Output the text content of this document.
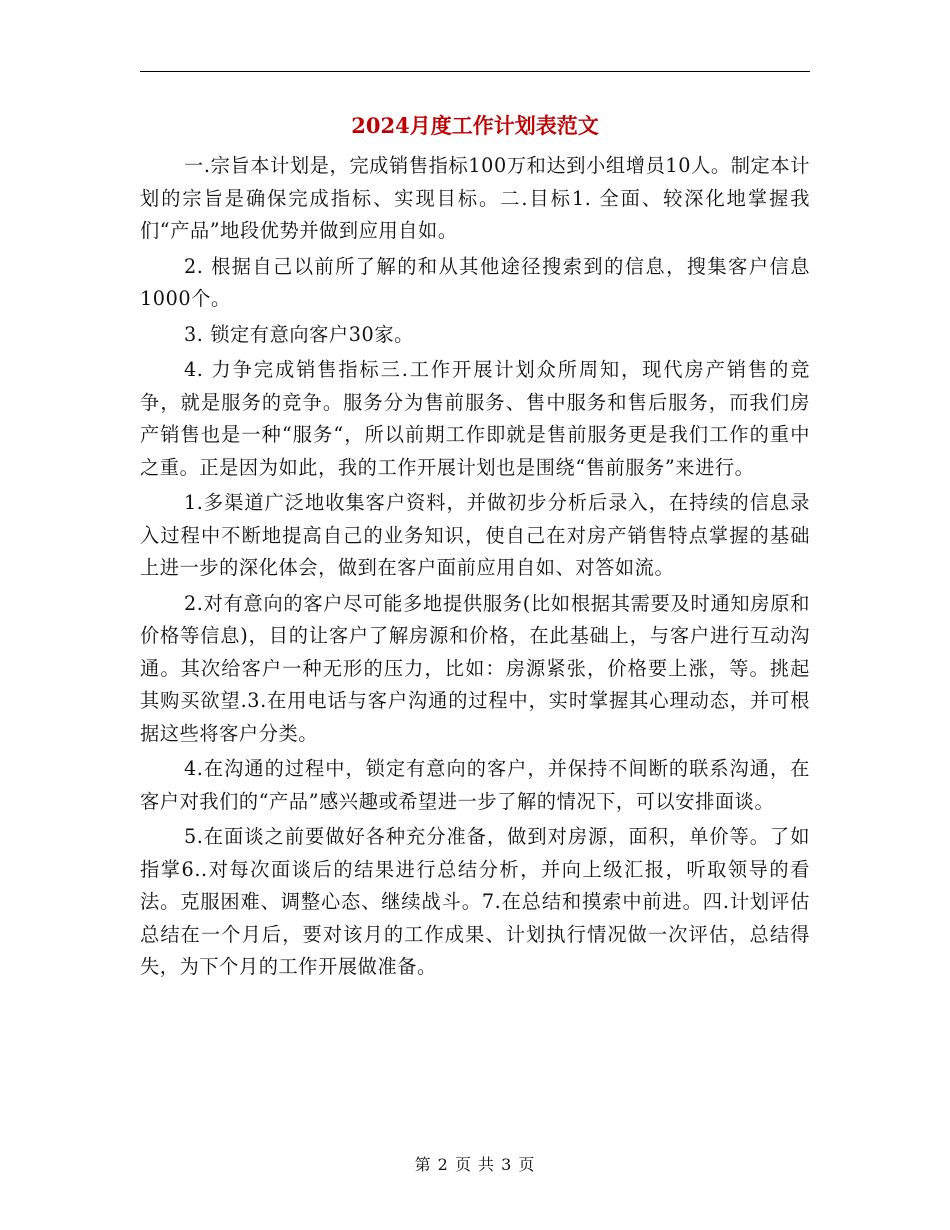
2024月度工作计划表范文

一.宗旨本计划是，完成销售指标100万和达到小组增员10人。制定本计划的宗旨是确保完成指标、实现目标。二.目标1. 全面、较深化地掌握我们“产品”地段优势并做到应用自如。

2. 根据自己以前所了解的和从其他途径搜索到的信息，搜集客户信息1000个。

3. 锁定有意向客户30家。

4. 力争完成销售指标三.工作开展计划众所周知，现代房产销售的竞争，就是服务的竞争。服务分为售前服务、售中服务和售后服务，而我们房产销售也是一种“服务“，所以前期工作即就是售前服务更是我们工作的重中之重。正是因为如此，我的工作开展计划也是围绕“售前服务”来进行。

1.多渠道广泛地收集客户资料，并做初步分析后录入，在持续的信息录入过程中不断地提高自己的业务知识，使自己在对房产销售特点掌握的基础上进一步的深化体会，做到在客户面前应用自如、对答如流。

2.对有意向的客户尽可能多地提供服务(比如根据其需要及时通知房原和价格等信息)，目的让客户了解房源和价格，在此基础上，与客户进行互动沟通。其次给客户一种无形的压力，比如：房源紧张，价格要上涨，等。挑起其购买欲望.3.在用电话与客户沟通的过程中，实时掌握其心理动态，并可根据这些将客户分类。

4.在沟通的过程中，锁定有意向的客户，并保持不间断的联系沟通，在客户对我们的“产品”感兴趣或希望进一步了解的情况下，可以安排面谈。

5.在面谈之前要做好各种充分准备，做到对房源，面积，单价等。了如指掌6..对每次面谈后的结果进行总结分析，并向上级汇报，听取领导的看法。克服困难、调整心态、继续战斗。7.在总结和摸索中前进。四.计划评估总结在一个月后，要对该月的工作成果、计划执行情况做一次评估，总结得失，为下个月的工作开展做准备。

第 2 页 共 3 页
